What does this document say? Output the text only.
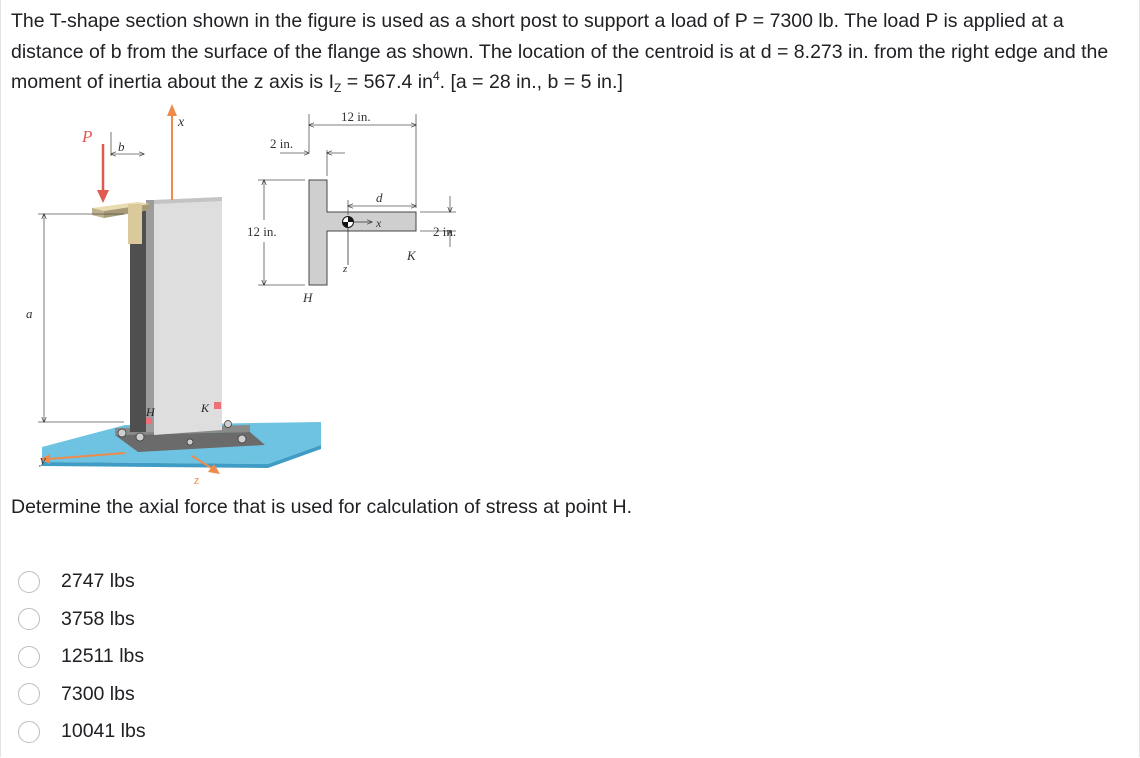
The T-shape section shown in the figure is used as a short post to support a load of P = 7300 lb. The load P is applied at a distance of b from the surface of the flange as shown. The location of the centroid is at d = 8.273 in. from the right edge and the moment of inertia about the z axis is $I_Z = 567.4$ $in^4$. [a = 28 in., b = 5 in.]

P
b
x
a
H	K
y
z
x
z
12 in.
2 in.
12 in.
d
2 in.
K
H

Determine the axial force that is used for calculation of stress at point H.

2747 lbs
3758 lbs
12511 lbs
7300 lbs
10041 lbs
